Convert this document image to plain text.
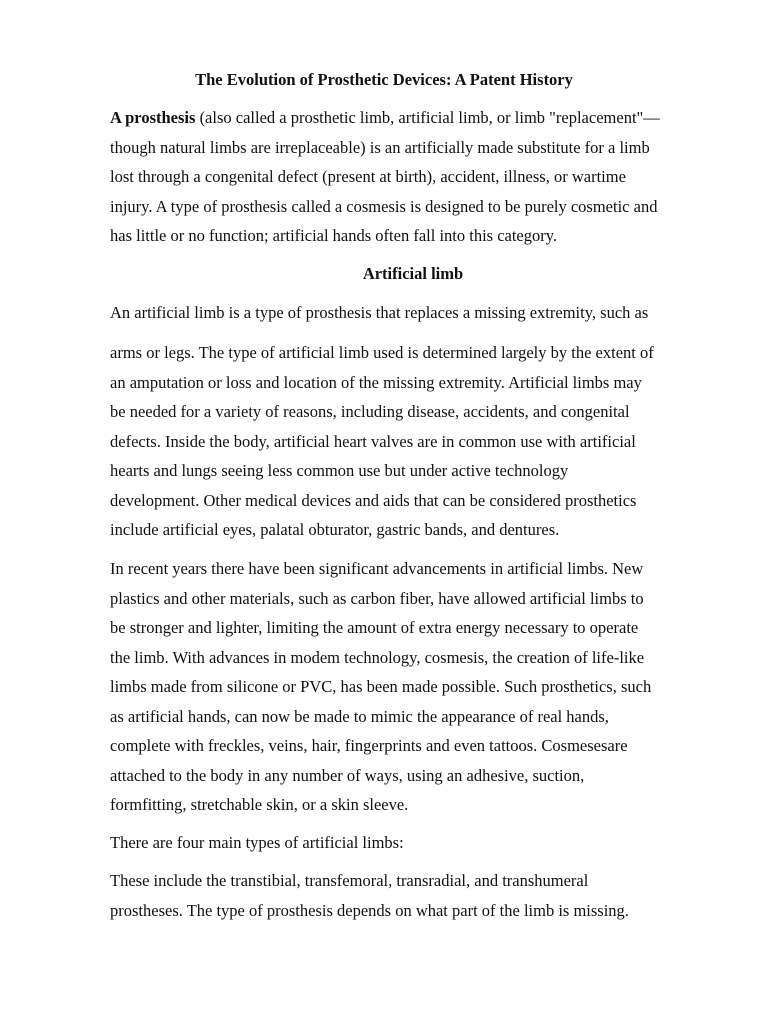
The Evolution of Prosthetic Devices: A Patent History

A prosthesis (also called a prosthetic limb, artificial limb, or limb "replacement"—
though natural limbs are irreplaceable) is an artificially made substitute for a limb
lost through a congenital defect (present at birth), accident, illness, or wartime
injury. A type of prosthesis called a cosmesis is designed to be purely cosmetic and
has little or no function; artificial hands often fall into this category.

Artificial limb

An artificial limb is a type of prosthesis that replaces a missing extremity, such as

arms or legs. The type of artificial limb used is determined largely by the extent of
an amputation or loss and location of the missing extremity. Artificial limbs may
be needed for a variety of reasons, including disease, accidents, and congenital
defects. Inside the body, artificial heart valves are in common use with artificial
hearts and lungs seeing less common use but under active technology
development. Other medical devices and aids that can be considered prosthetics
include artificial eyes, palatal obturator, gastric bands, and dentures.

In recent years there have been significant advancements in artificial limbs. New
plastics and other materials, such as carbon fiber, have allowed artificial limbs to
be stronger and lighter, limiting the amount of extra energy necessary to operate
the limb. With advances in modem technology, cosmesis, the creation of life-like
limbs made from silicone or PVC, has been made possible. Such prosthetics, such
as artificial hands, can now be made to mimic the appearance of real hands,
complete with freckles, veins, hair, fingerprints and even tattoos. Cosmesesare
attached to the body in any number of ways, using an adhesive, suction,
formfitting, stretchable skin, or a skin sleeve.

There are four main types of artificial limbs:

These include the transtibial, transfemoral, transradial, and transhumeral
prostheses. The type of prosthesis depends on what part of the limb is missing.
